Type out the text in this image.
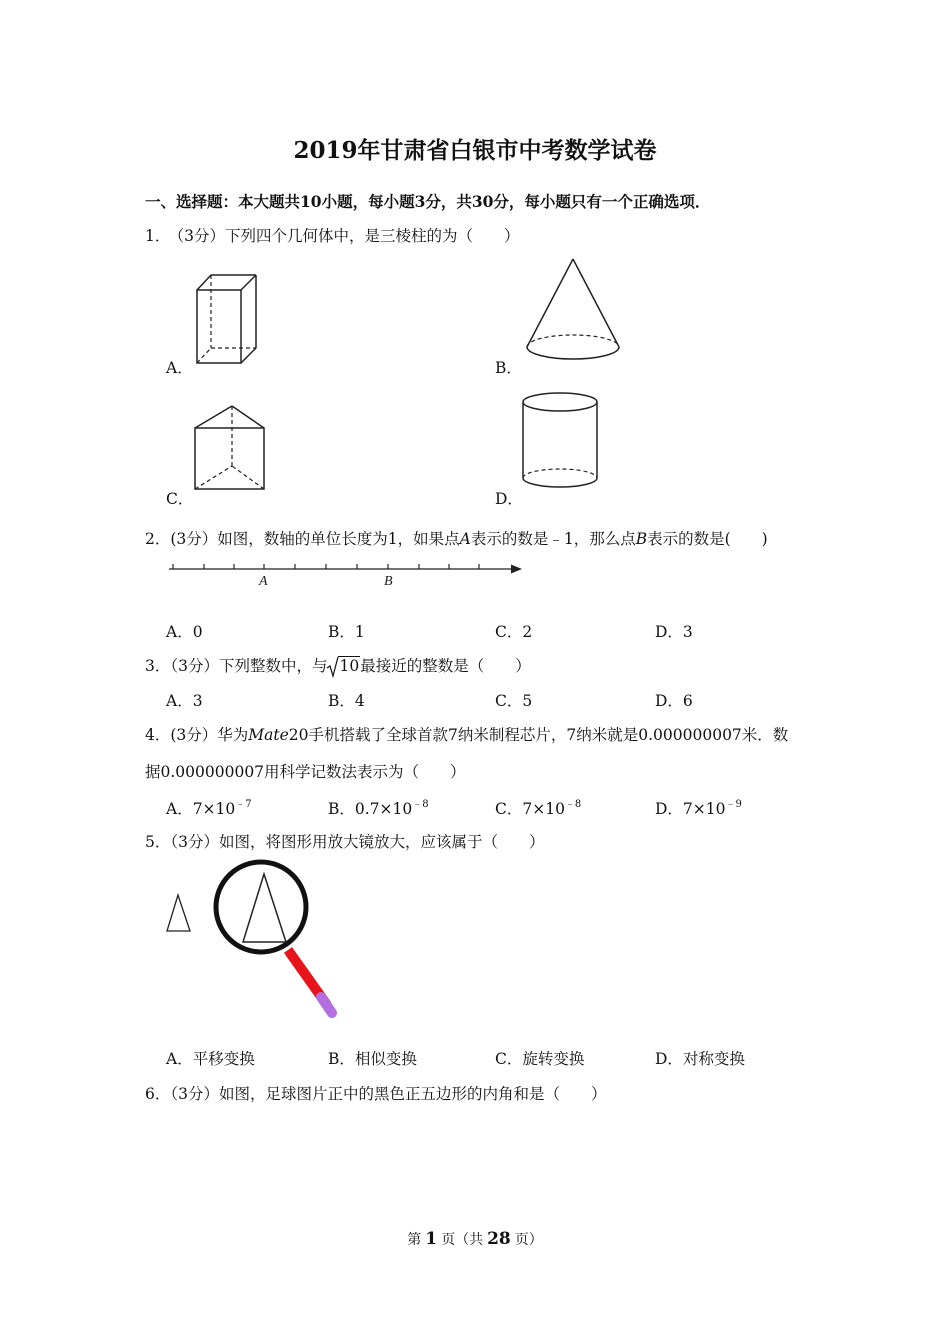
2019年甘肃省白银市中考数学试卷
一、选择题：本大题共10小题，每小题3分，共30分，每小题只有一个正确选项．
1． （3分）下列四个几何体中，是三棱柱的为（　　）
A．	B．
C．	D．
2．(3分）如图，数轴的单位长度为1，如果点A表示的数是﹣1，那么点B表示的数是(　　)
A	B
A．0	B．1	C．2	D．3
3．（3分）下列整数中，与 10最接近的整数是（　　）
A．3	B．4	C．5	D．6
4．(3分）华为Mate20手机搭载了全球首款7纳米制程芯片，7纳米就是0.000000007米．数
据0.000000007用科学记数法表示为（　　）
A．$7\times 10^{﹣7}$	B．$0.7\times 10^{﹣8}$	C．$7\times 10^{﹣8}$	D．$7\times 10^{﹣9}$
5．（3分）如图，将图形用放大镜放大，应该属于（　　）
A．平移变换	B．相似变换	C．旋转变换	D．对称变换
6．（3分）如图，足球图片正中的黑色正五边形的内角和是（　　）
第 1 页（共 28 页）
